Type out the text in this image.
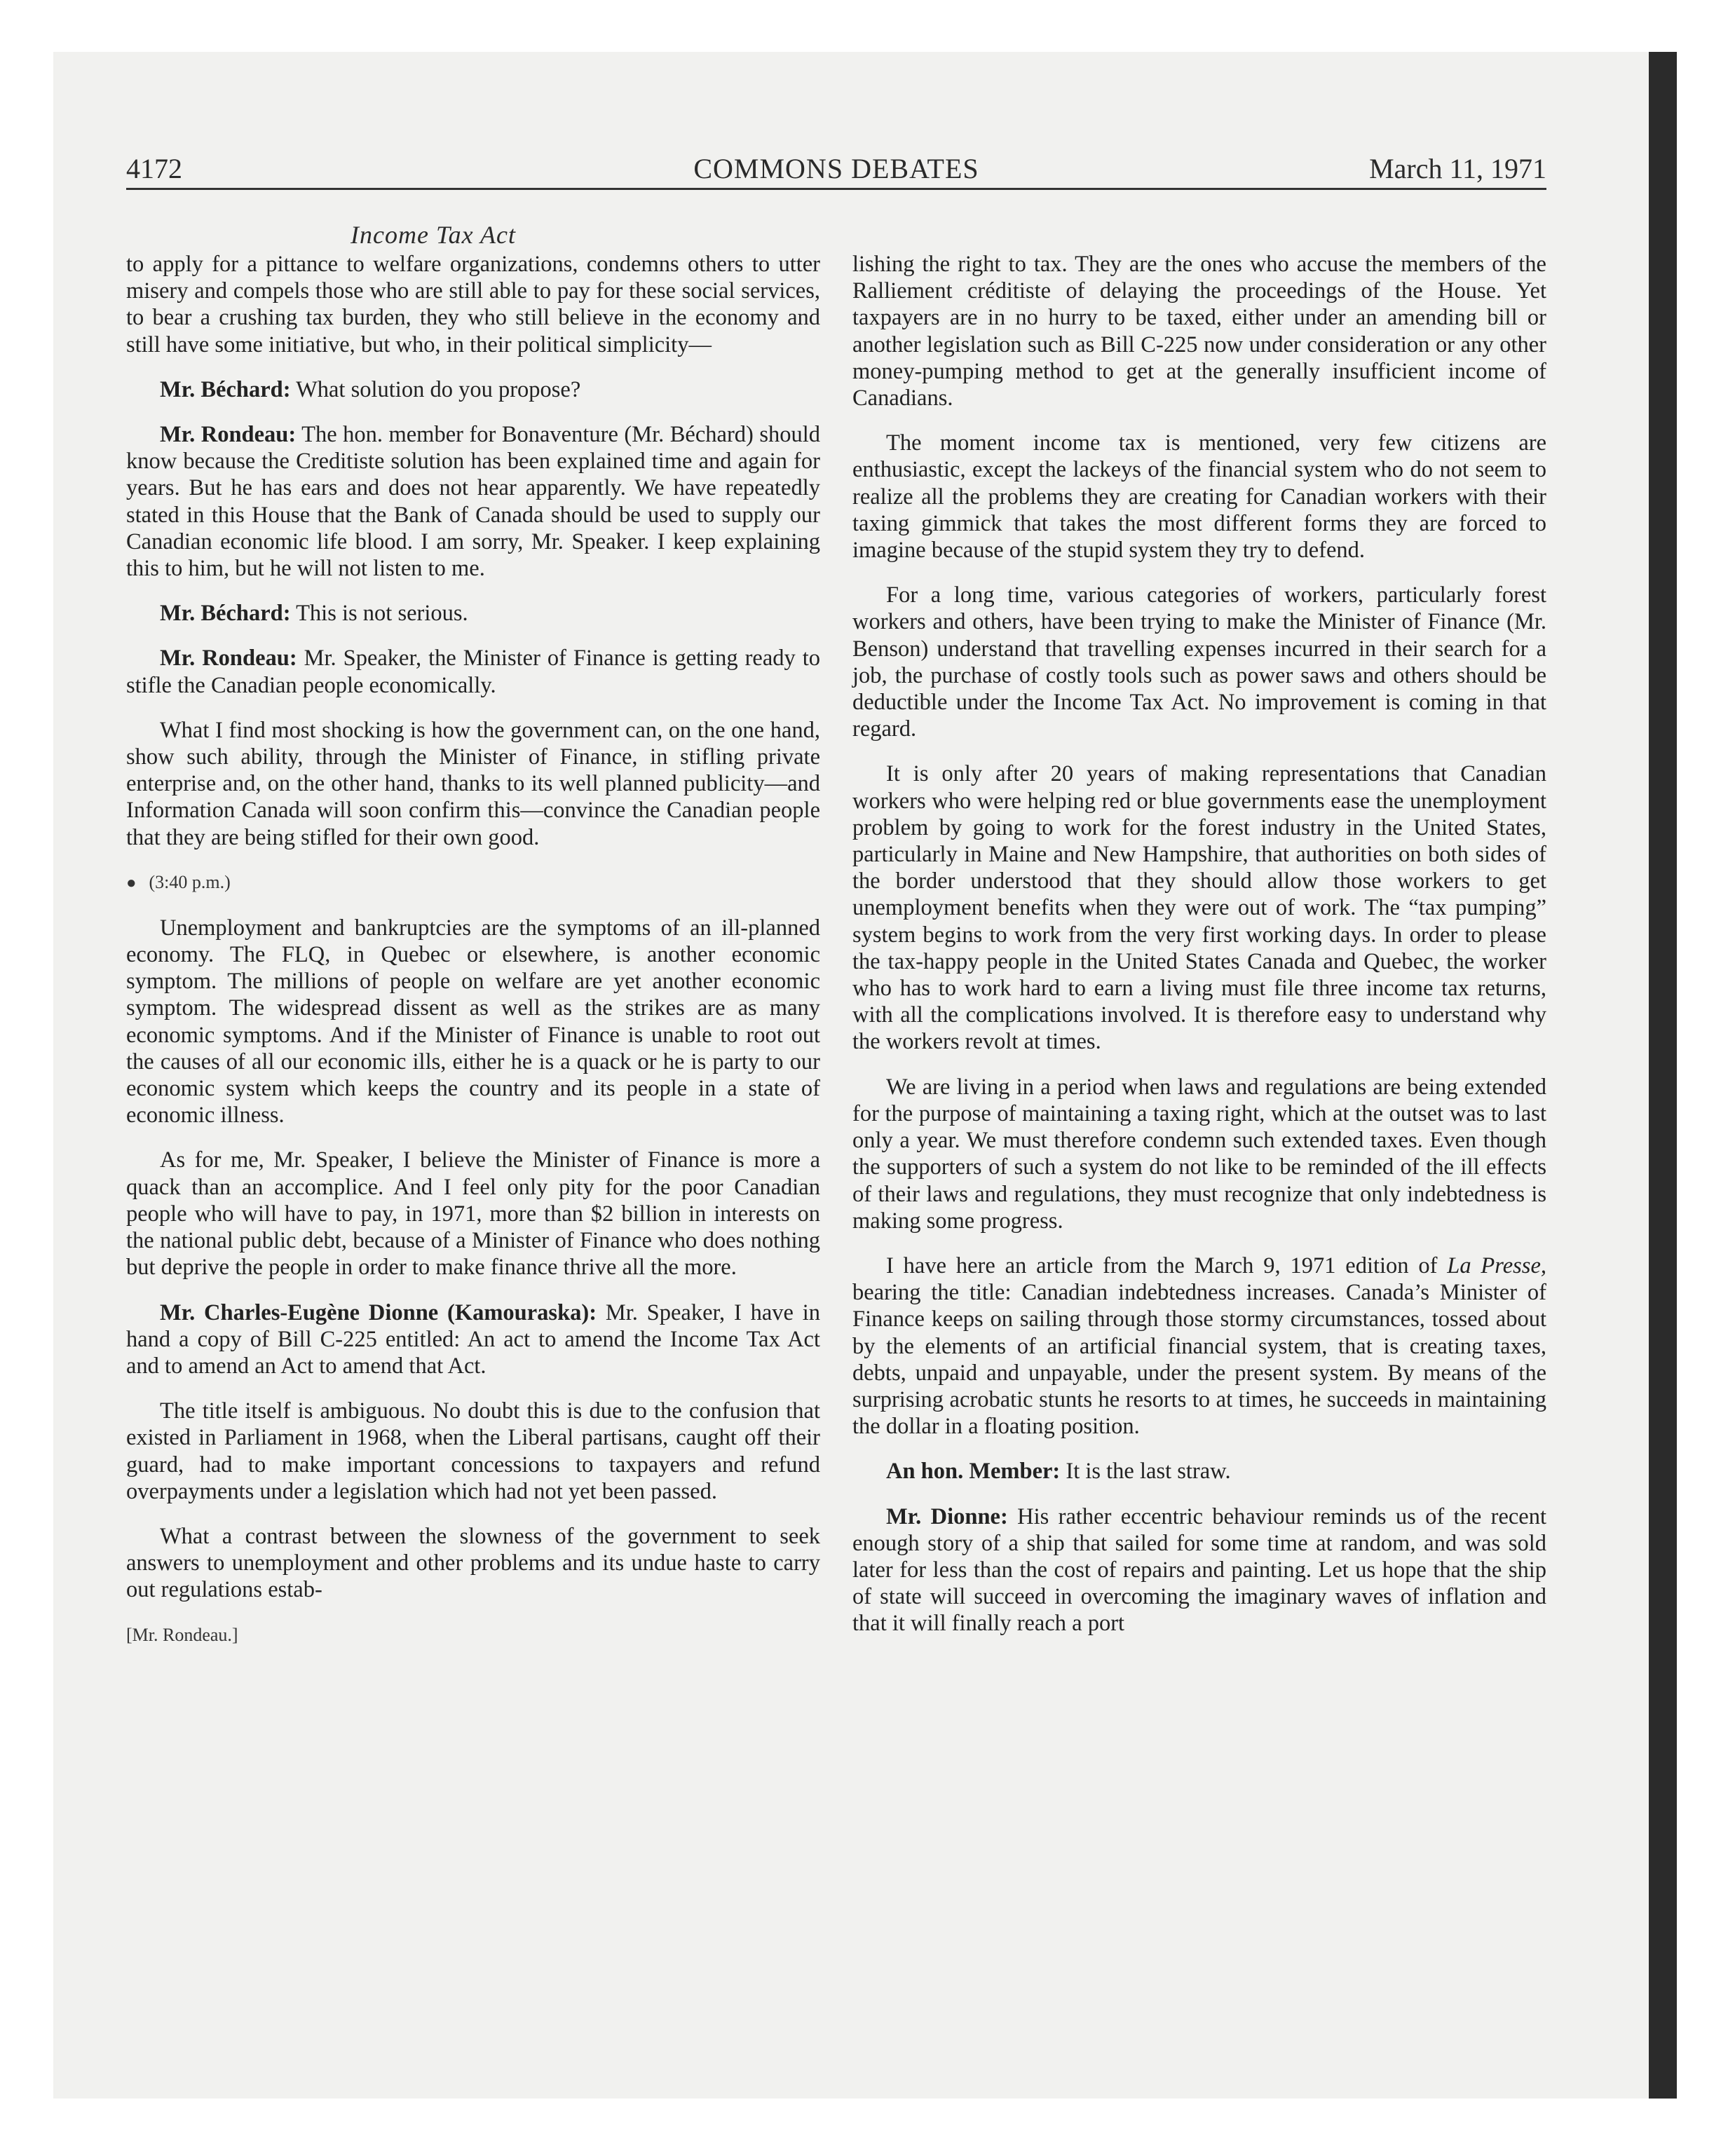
4172	COMMONS DEBATES	March 11, 1971
Income Tax Act

to apply for a pittance to welfare organizations, condemns others to utter misery and compels those who are still able to pay for these social services, to bear a crushing tax burden, they who still believe in the economy and still have some initiative, but who, in their political simplicity—

Mr. Béchard: What solution do you propose?

Mr. Rondeau: The hon. member for Bonaventure (Mr. Béchard) should know because the Creditiste solution has been explained time and again for years. But he has ears and does not hear apparently. We have repeatedly stated in this House that the Bank of Canada should be used to supply our Canadian economic life blood. I am sorry, Mr. Speaker. I keep explaining this to him, but he will not listen to me.

Mr. Béchard: This is not serious.

Mr. Rondeau: Mr. Speaker, the Minister of Finance is getting ready to stifle the Canadian people economically.

What I find most shocking is how the government can, on the one hand, show such ability, through the Minister of Finance, in stifling private enterprise and, on the other hand, thanks to its well planned publicity—and Information Canada will soon confirm this—convince the Canadian people that they are being stifled for their own good.

● (3:40 p.m.)

Unemployment and bankruptcies are the symptoms of an ill-planned economy. The FLQ, in Quebec or elsewhere, is another economic symptom. The millions of people on welfare are yet another economic symptom. The widespread dissent as well as the strikes are as many economic symptoms. And if the Minister of Finance is unable to root out the causes of all our economic ills, either he is a quack or he is party to our economic system which keeps the country and its people in a state of economic illness.

As for me, Mr. Speaker, I believe the Minister of Finance is more a quack than an accomplice. And I feel only pity for the poor Canadian people who will have to pay, in 1971, more than $2 billion in interests on the national public debt, because of a Minister of Finance who does nothing but deprive the people in order to make finance thrive all the more.

Mr. Charles-Eugène Dionne (Kamouraska): Mr. Speaker, I have in hand a copy of Bill C-225 entitled: An act to amend the Income Tax Act and to amend an Act to amend that Act.

The title itself is ambiguous. No doubt this is due to the confusion that existed in Parliament in 1968, when the Liberal partisans, caught off their guard, had to make important concessions to taxpayers and refund overpayments under a legislation which had not yet been passed.

What a contrast between the slowness of the government to seek answers to unemployment and other problems and its undue haste to carry out regulations estab-

[Mr. Rondeau.]

lishing the right to tax. They are the ones who accuse the members of the Ralliement créditiste of delaying the proceedings of the House. Yet taxpayers are in no hurry to be taxed, either under an amending bill or another legislation such as Bill C-225 now under consideration or any other money-pumping method to get at the generally insufficient income of Canadians.

The moment income tax is mentioned, very few citizens are enthusiastic, except the lackeys of the financial system who do not seem to realize all the problems they are creating for Canadian workers with their taxing gimmick that takes the most different forms they are forced to imagine because of the stupid system they try to defend.

For a long time, various categories of workers, particularly forest workers and others, have been trying to make the Minister of Finance (Mr. Benson) understand that travelling expenses incurred in their search for a job, the purchase of costly tools such as power saws and others should be deductible under the Income Tax Act. No improvement is coming in that regard.

It is only after 20 years of making representations that Canadian workers who were helping red or blue governments ease the unemployment problem by going to work for the forest industry in the United States, particularly in Maine and New Hampshire, that authorities on both sides of the border understood that they should allow those workers to get unemployment benefits when they were out of work. The “tax pumping” system begins to work from the very first working days. In order to please the tax-happy people in the United States Canada and Quebec, the worker who has to work hard to earn a living must file three income tax returns, with all the complications involved. It is therefore easy to understand why the workers revolt at times.

We are living in a period when laws and regulations are being extended for the purpose of maintaining a taxing right, which at the outset was to last only a year. We must therefore condemn such extended taxes. Even though the supporters of such a system do not like to be reminded of the ill effects of their laws and regulations, they must recognize that only indebtedness is making some progress.

I have here an article from the March 9, 1971 edition of La Presse, bearing the title: Canadian indebtedness increases. Canada’s Minister of Finance keeps on sailing through those stormy circumstances, tossed about by the elements of an artificial financial system, that is creating taxes, debts, unpaid and unpayable, under the present system. By means of the surprising acrobatic stunts he resorts to at times, he succeeds in maintaining the dollar in a floating position.

An hon. Member: It is the last straw.

Mr. Dionne: His rather eccentric behaviour reminds us of the recent enough story of a ship that sailed for some time at random, and was sold later for less than the cost of repairs and painting. Let us hope that the ship of state will succeed in overcoming the imaginary waves of inflation and that it will finally reach a port
